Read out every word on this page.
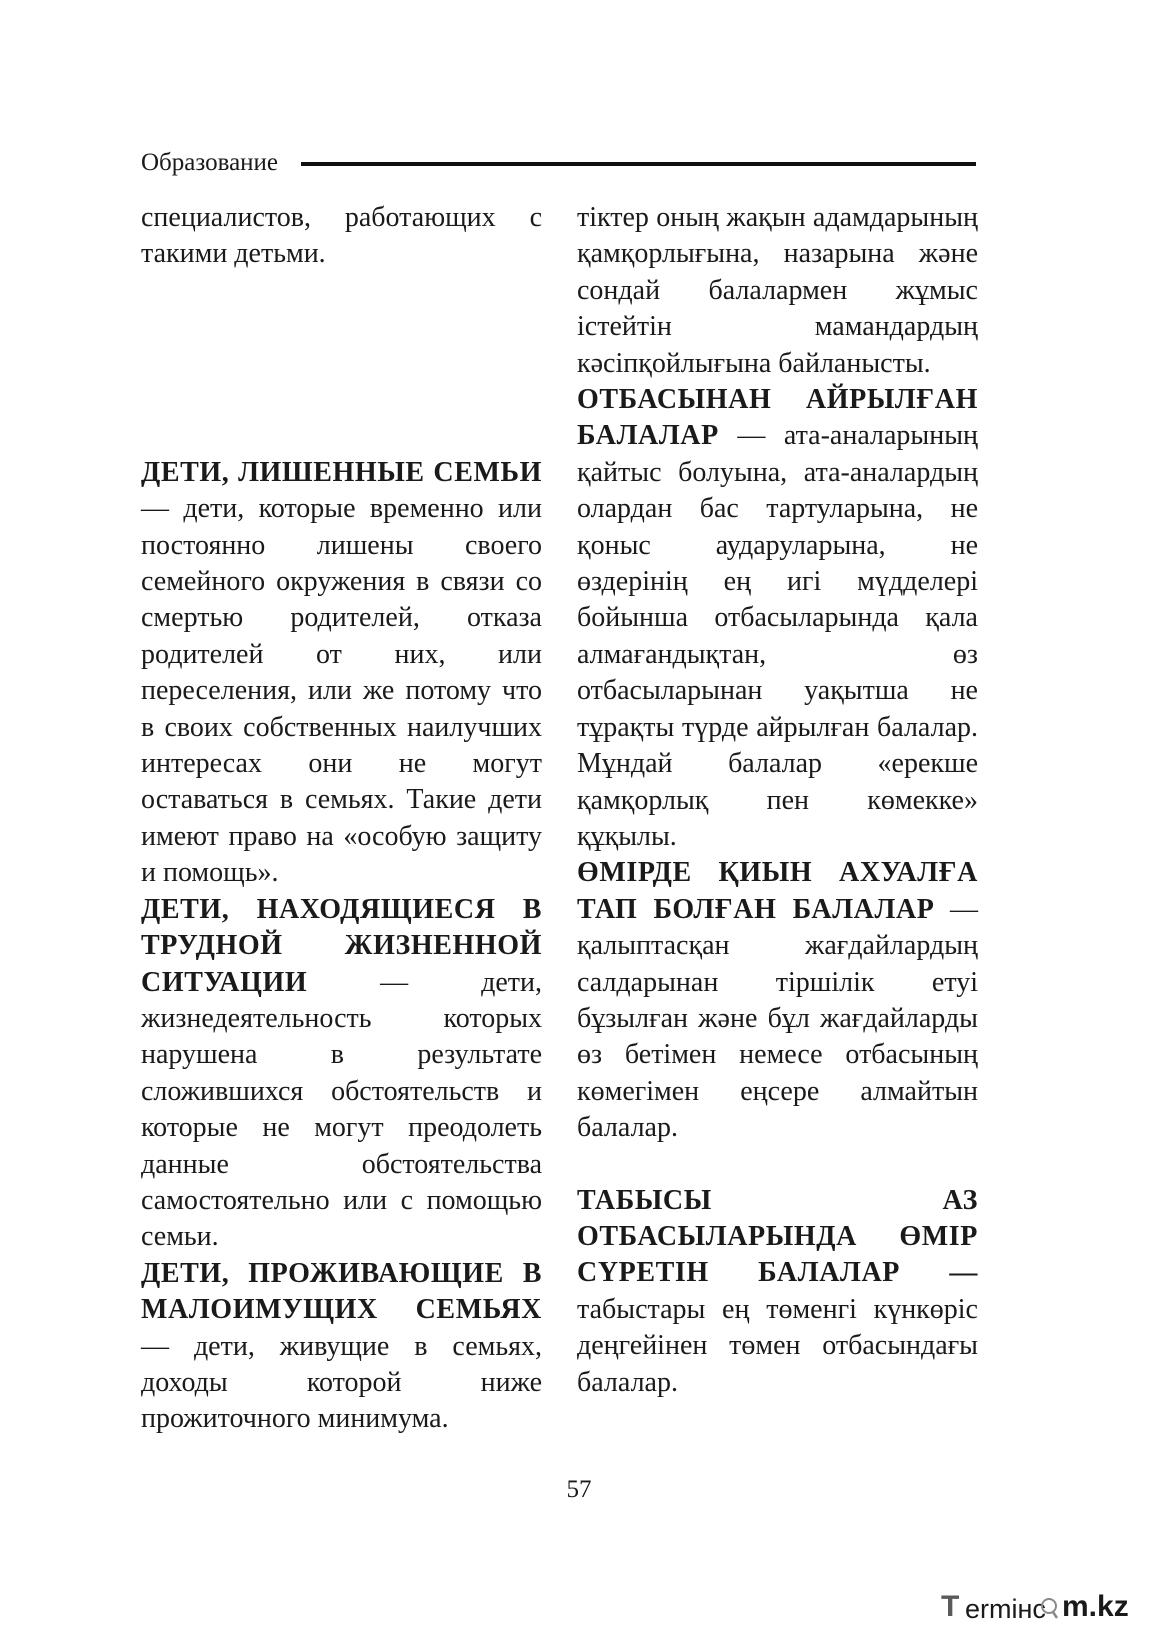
Образование

специалистов, работающих с такими детьми.

ДЕТИ, ЛИШЕННЫЕ СЕМЬИ — дети, которые временно или постоянно лишены своего семейного окружения в связи со смертью родителей, отказа родителей от них, или переселения, или же потому что в своих собственных наилучших интересах они не могут оставаться в семьях. Такие дети имеют право на «особую защиту и помощь».

ДЕТИ, НАХОДЯЩИЕСЯ В ТРУДНОЙ ЖИЗНЕННОЙ СИТУАЦИИ — дети, жизнедеятельность которых нарушена в результате сложившихся обстоятельств и которые не могут преодолеть данные обстоятельства самостоятельно или с помощью семьи.

ДЕТИ, ПРОЖИВАЮЩИЕ В МАЛОИМУЩИХ СЕМЬЯХ — дети, живущие в семьях, доходы которой ниже прожиточного минимума.

тіктер оның жақын адамдарының қамқорлығына, назарына және сондай балалармен жұмыс істейтін мамандардың кәсіпқойлығына байланысты.

ОТБАСЫНАН АЙРЫЛҒАН БАЛАЛАР — ата-аналарының қайтыс болуына, ата-аналардың олардан бас тартуларына, не қоныс аударуларына, не өздерінің ең игі мүдделері бойынша отбасыларында қала алмағандықтан, өз отбасыларынан уақытша не тұрақты түрде айрылған балалар. Мұндай балалар «ерекше қамқорлық пен көмекке» құқылы.

ӨМІРДЕ ҚИЫН АХУАЛҒА ТАП БОЛҒАН БАЛАЛАР — қалыптасқан жағдайлардың салдарынан тіршілік етуі бұзылған және бұл жағдайларды өз бетімен немесе отбасының көмегімен еңсере алмайтын балалар.

ТАБЫСЫ АЗ ОТБАСЫЛАРЫНДА ӨМІР СҮРЕТІН БАЛАЛАР — табыстары ең төменгі күнкөріс деңгейінен төмен отбасындағы балалар.

57
T ermінc m.kz
